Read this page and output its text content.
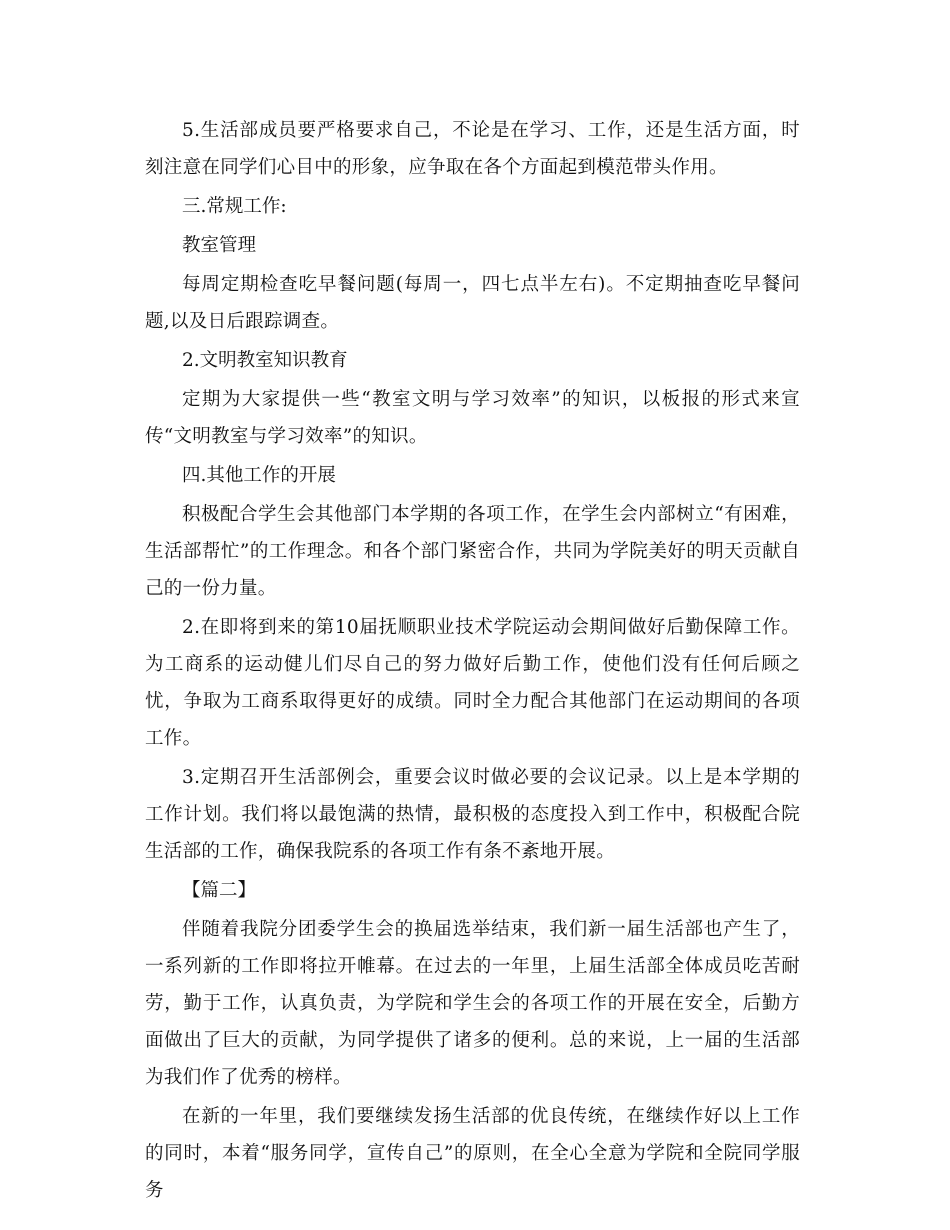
5.生活部成员要严格要求自己，不论是在学习、工作，还是生活方面，时刻注意在同学们心目中的形象，应争取在各个方面起到模范带头作用。

三.常规工作:

教室管理

每周定期检查吃早餐问题(每周一，四七点半左右)。不定期抽查吃早餐问题,以及日后跟踪调查。

2.文明教室知识教育

定期为大家提供一些“教室文明与学习效率”的知识，以板报的形式来宣传“文明教室与学习效率”的知识。

四.其他工作的开展

积极配合学生会其他部门本学期的各项工作，在学生会内部树立“有困难，生活部帮忙”的工作理念。和各个部门紧密合作，共同为学院美好的明天贡献自己的一份力量。

2.在即将到来的第10届抚顺职业技术学院运动会期间做好后勤保障工作。为工商系的运动健儿们尽自己的努力做好后勤工作，使他们没有任何后顾之忧，争取为工商系取得更好的成绩。同时全力配合其他部门在运动期间的各项工作。

3.定期召开生活部例会，重要会议时做必要的会议记录。以上是本学期的工作计划。我们将以最饱满的热情，最积极的态度投入到工作中，积极配合院生活部的工作，确保我院系的各项工作有条不紊地开展。

【篇二】

伴随着我院分团委学生会的换届选举结束，我们新一届生活部也产生了，一系列新的工作即将拉开帷幕。在过去的一年里，上届生活部全体成员吃苦耐劳，勤于工作，认真负责，为学院和学生会的各项工作的开展在安全，后勤方面做出了巨大的贡献，为同学提供了诸多的便利。总的来说，上一届的生活部为我们作了优秀的榜样。

在新的一年里，我们要继续发扬生活部的优良传统，在继续作好以上工作的同时，本着“服务同学，宣传自己”的原则，在全心全意为学院和全院同学服务
